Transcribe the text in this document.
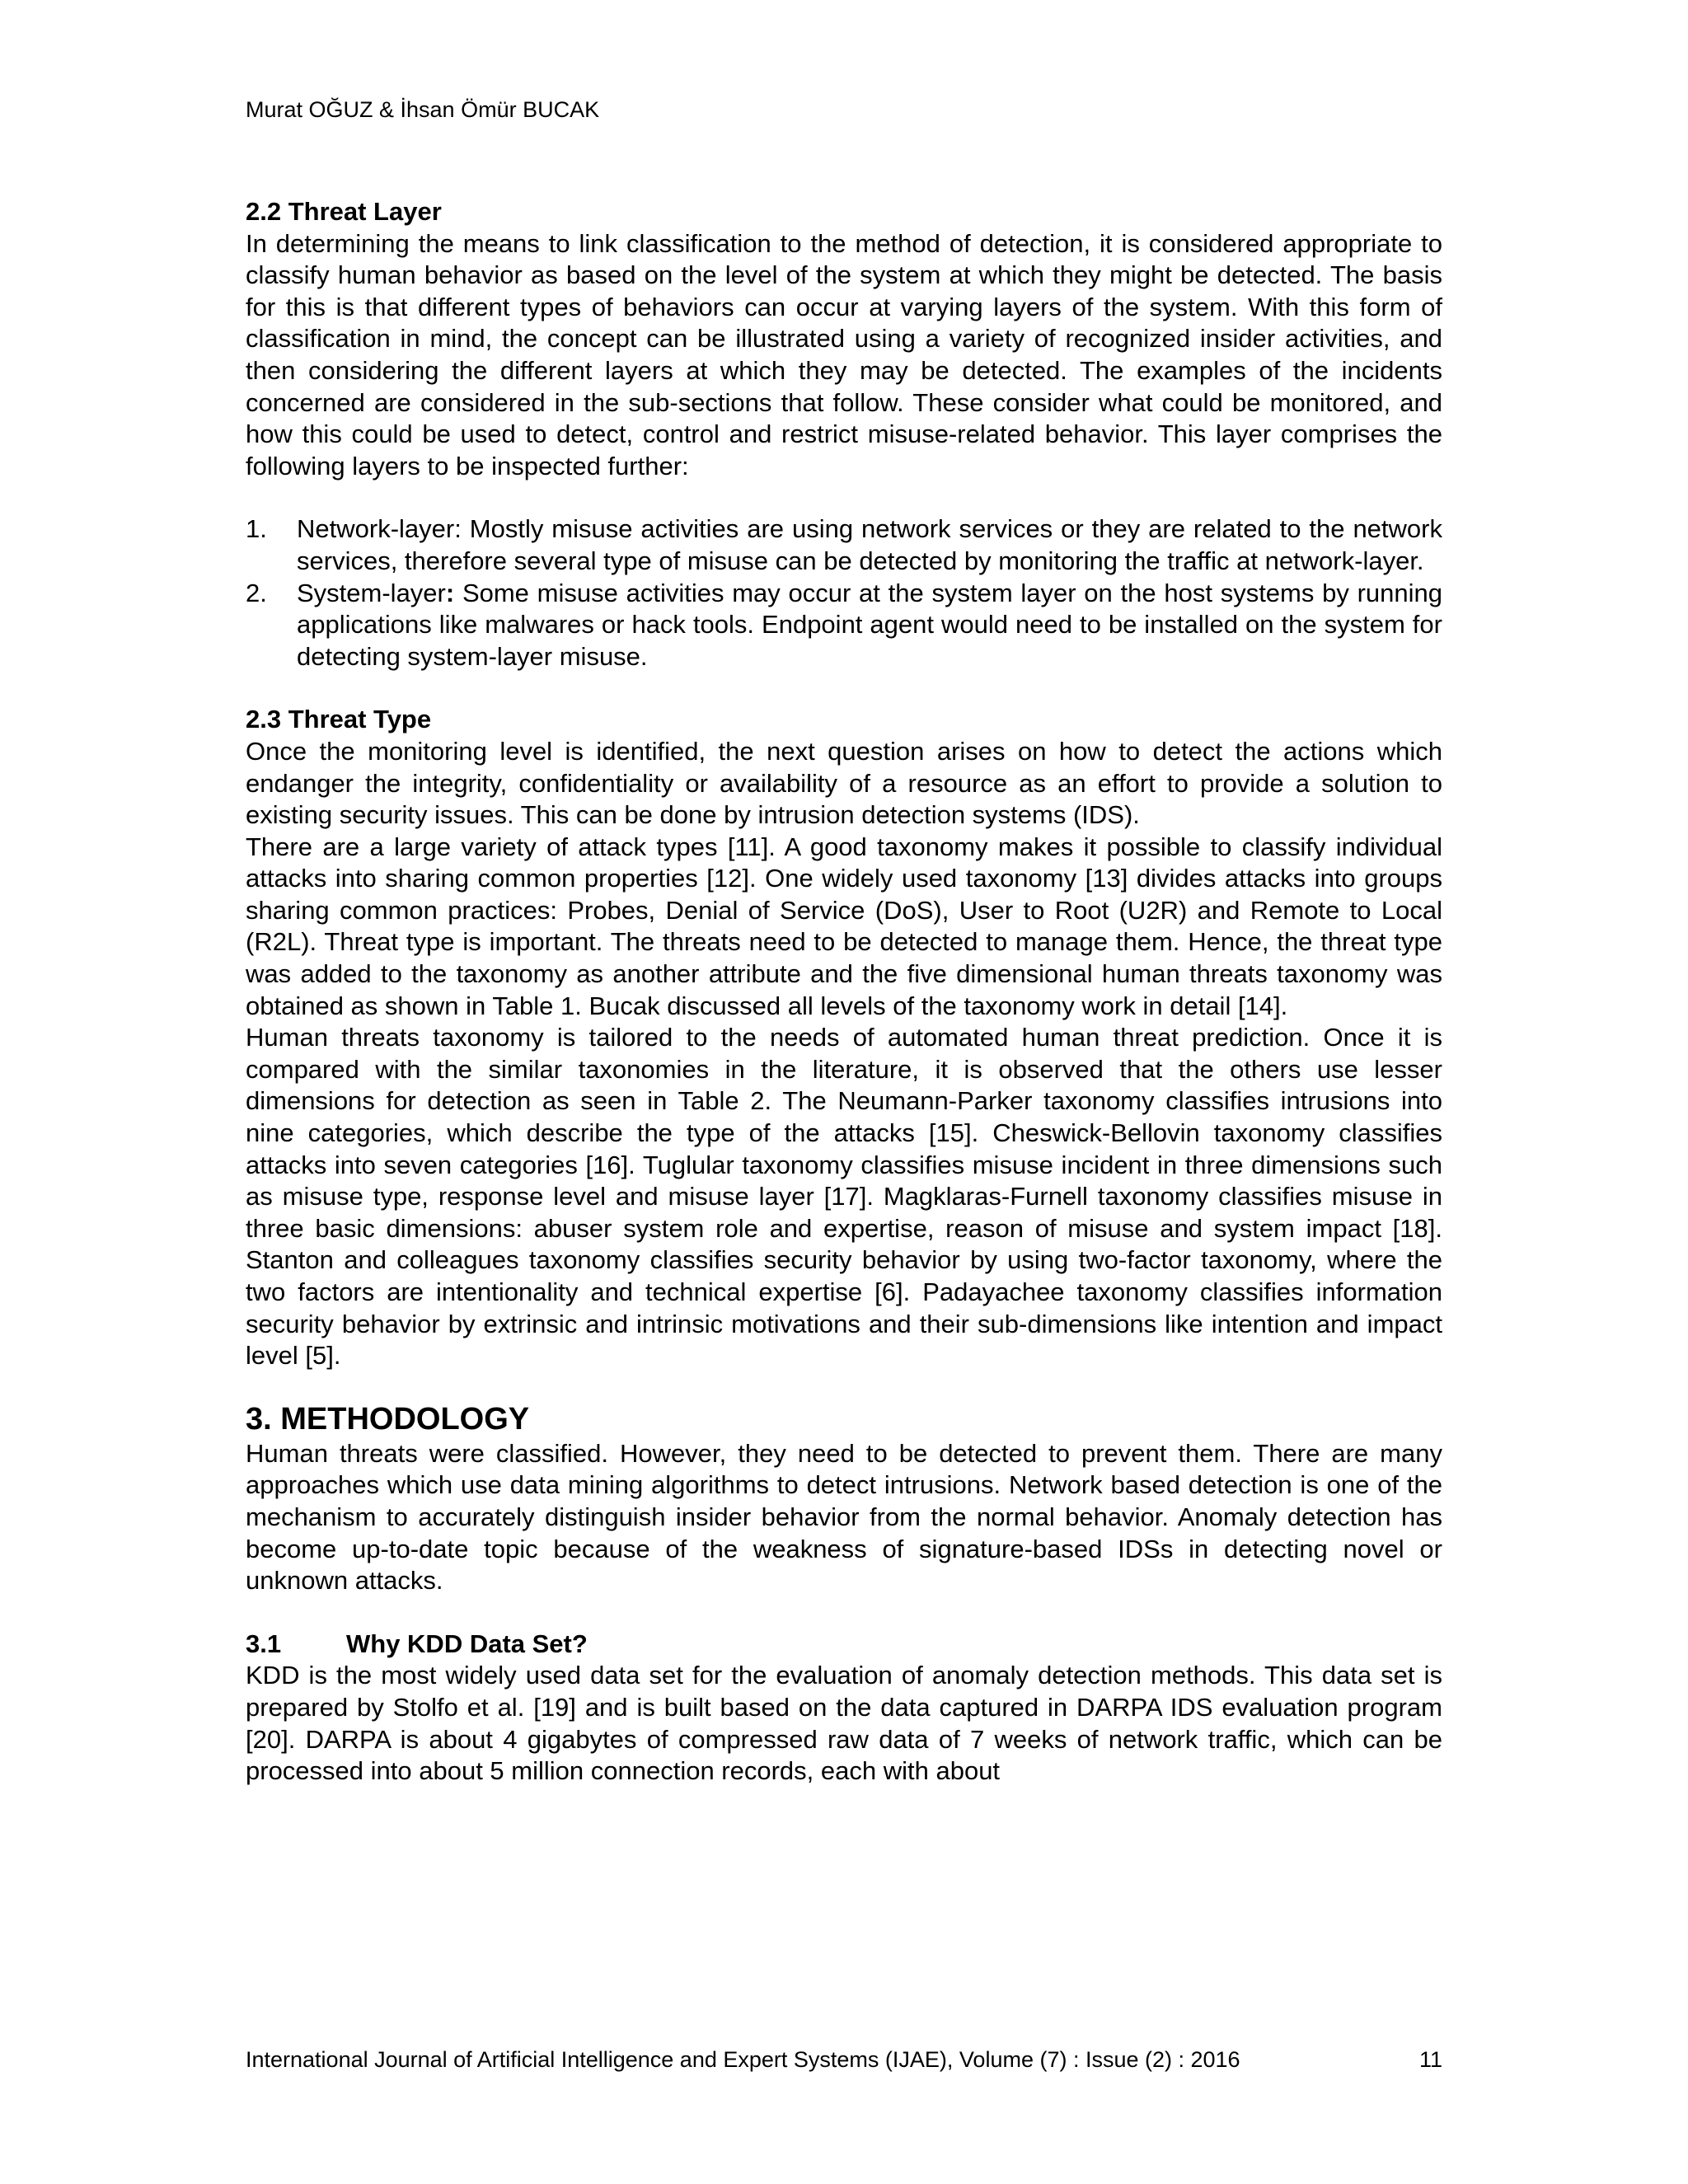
Murat OĞUZ & İhsan Ömür BUCAK
2.2 Threat Layer

In determining the means to link classification to the method of detection, it is considered appropriate to classify human behavior as based on the level of the system at which they might be detected. The basis for this is that different types of behaviors can occur at varying layers of the system. With this form of classification in mind, the concept can be illustrated using a variety of recognized insider activities, and then considering the different layers at which they may be detected. The examples of the incidents concerned are considered in the sub-sections that follow. These consider what could be monitored, and how this could be used to detect, control and restrict misuse-related behavior. This layer comprises the following layers to be inspected further:

1. Network-layer: Mostly misuse activities are using network services or they are related to the network services, therefore several type of misuse can be detected by monitoring the traffic at network-layer.
2. System-layer: Some misuse activities may occur at the system layer on the host systems by running applications like malwares or hack tools. Endpoint agent would need to be installed on the system for detecting system-layer misuse.
2.3 Threat Type

Once the monitoring level is identified, the next question arises on how to detect the actions which endanger the integrity, confidentiality or availability of a resource as an effort to provide a solution to existing security issues. This can be done by intrusion detection systems (IDS).

There are a large variety of attack types [11]. A good taxonomy makes it possible to classify individual attacks into sharing common properties [12]. One widely used taxonomy [13] divides attacks into groups sharing common practices: Probes, Denial of Service (DoS), User to Root (U2R) and Remote to Local (R2L). Threat type is important. The threats need to be detected to manage them. Hence, the threat type was added to the taxonomy as another attribute and the five dimensional human threats taxonomy was obtained as shown in Table 1. Bucak discussed all levels of the taxonomy work in detail [14].

Human threats taxonomy is tailored to the needs of automated human threat prediction. Once it is compared with the similar taxonomies in the literature, it is observed that the others use lesser dimensions for detection as seen in Table 2. The Neumann-Parker taxonomy classifies intrusions into nine categories, which describe the type of the attacks [15]. Cheswick-Bellovin taxonomy classifies attacks into seven categories [16]. Tuglular taxonomy classifies misuse incident in three dimensions such as misuse type, response level and misuse layer [17]. Magklaras-Furnell taxonomy classifies misuse in three basic dimensions: abuser system role and expertise, reason of misuse and system impact [18]. Stanton and colleagues taxonomy classifies security behavior by using two-factor taxonomy, where the two factors are intentionality and technical expertise [6]. Padayachee taxonomy classifies information security behavior by extrinsic and intrinsic motivations and their sub-dimensions like intention and impact level [5].

3. METHODOLOGY

Human threats were classified. However, they need to be detected to prevent them. There are many approaches which use data mining algorithms to detect intrusions. Network based detection is one of the mechanism to accurately distinguish insider behavior from the normal behavior. Anomaly detection has become up-to-date topic because of the weakness of signature-based IDSs in detecting novel or unknown attacks.

3.1	Why KDD Data Set?

KDD is the most widely used data set for the evaluation of anomaly detection methods. This data set is prepared by Stolfo et al. [19] and is built based on the data captured in DARPA IDS evaluation program [20]. DARPA is about 4 gigabytes of compressed raw data of 7 weeks of network traffic, which can be processed into about 5 million connection records, each with about

International Journal of Artificial Intelligence and Expert Systems (IJAE), Volume (7) : Issue (2) : 2016	11
